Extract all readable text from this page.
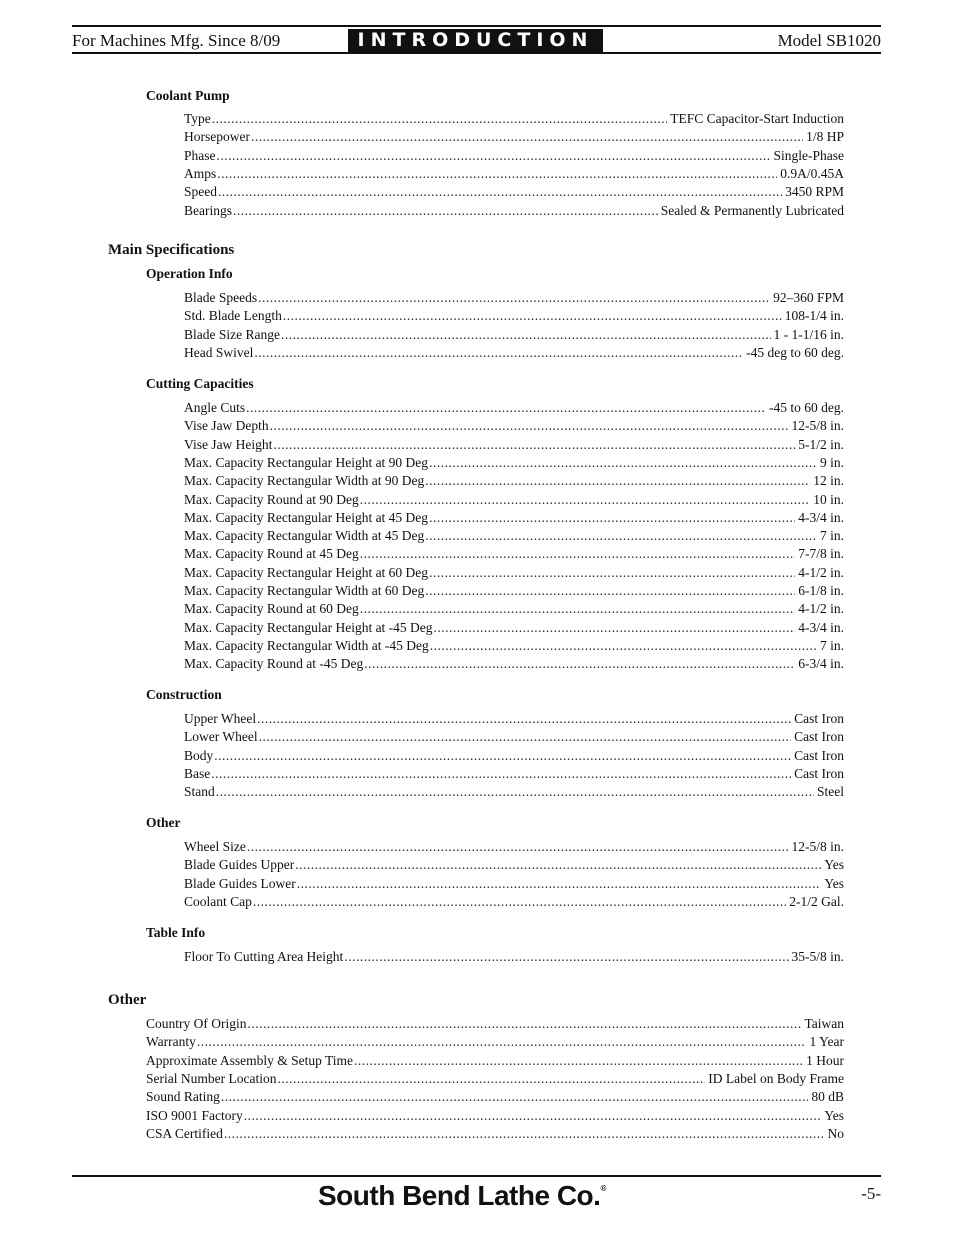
For Machines Mfg. Since 8/09	INTRODUCTION	Model SB1020
Coolant Pump
Type .....	TEFC Capacitor-Start Induction
Horsepower .....	1/8 HP
Phase .....	Single-Phase
Amps .....	0.9A/0.45A
Speed .....	3450 RPM
Bearings .....	Sealed & Permanently Lubricated
Main Specifications
Operation Info
Blade Speeds .....	92–360 FPM
Std. Blade Length .....	108-1/4 in.
Blade Size Range .....	1 - 1-1/16 in.
Head Swivel .....	-45 deg to 60 deg.
Cutting Capacities
Angle Cuts .....	-45 to 60 deg.
Vise Jaw Depth .....	12-5/8 in.
Vise Jaw Height .....	5-1/2 in.
Max. Capacity Rectangular Height at 90 Deg .....	9 in.
Max. Capacity Rectangular Width at 90 Deg .....	12 in.
Max. Capacity Round at 90 Deg .....	10 in.
Max. Capacity Rectangular Height at 45 Deg .....	4-3/4 in.
Max. Capacity Rectangular Width at 45 Deg .....	7 in.
Max. Capacity Round at 45 Deg .....	7-7/8 in.
Max. Capacity Rectangular Height at 60 Deg .....	4-1/2 in.
Max. Capacity Rectangular Width at 60 Deg .....	6-1/8 in.
Max. Capacity Round at 60 Deg .....	4-1/2 in.
Max. Capacity Rectangular Height at -45 Deg .....	4-3/4 in.
Max. Capacity Rectangular Width at -45 Deg .....	7 in.
Max. Capacity Round at -45 Deg .....	6-3/4 in.
Construction
Upper Wheel .....	Cast Iron
Lower Wheel .....	Cast Iron
Body .....	Cast Iron
Base .....	Cast Iron
Stand .....	Steel
Other
Wheel Size .....	12-5/8 in.
Blade Guides Upper .....	Yes
Blade Guides Lower .....	Yes
Coolant Cap .....	2-1/2 Gal.
Table Info
Floor To Cutting Area Height .....	35-5/8 in.
Other
Country Of Origin .....	Taiwan
Warranty .....	1 Year
Approximate Assembly & Setup Time .....	1 Hour
Serial Number Location .....	ID Label on Body Frame
Sound Rating .....	80 dB
ISO 9001 Factory .....	Yes
CSA Certified .....	No
South Bend Lathe Co.®	-5-
